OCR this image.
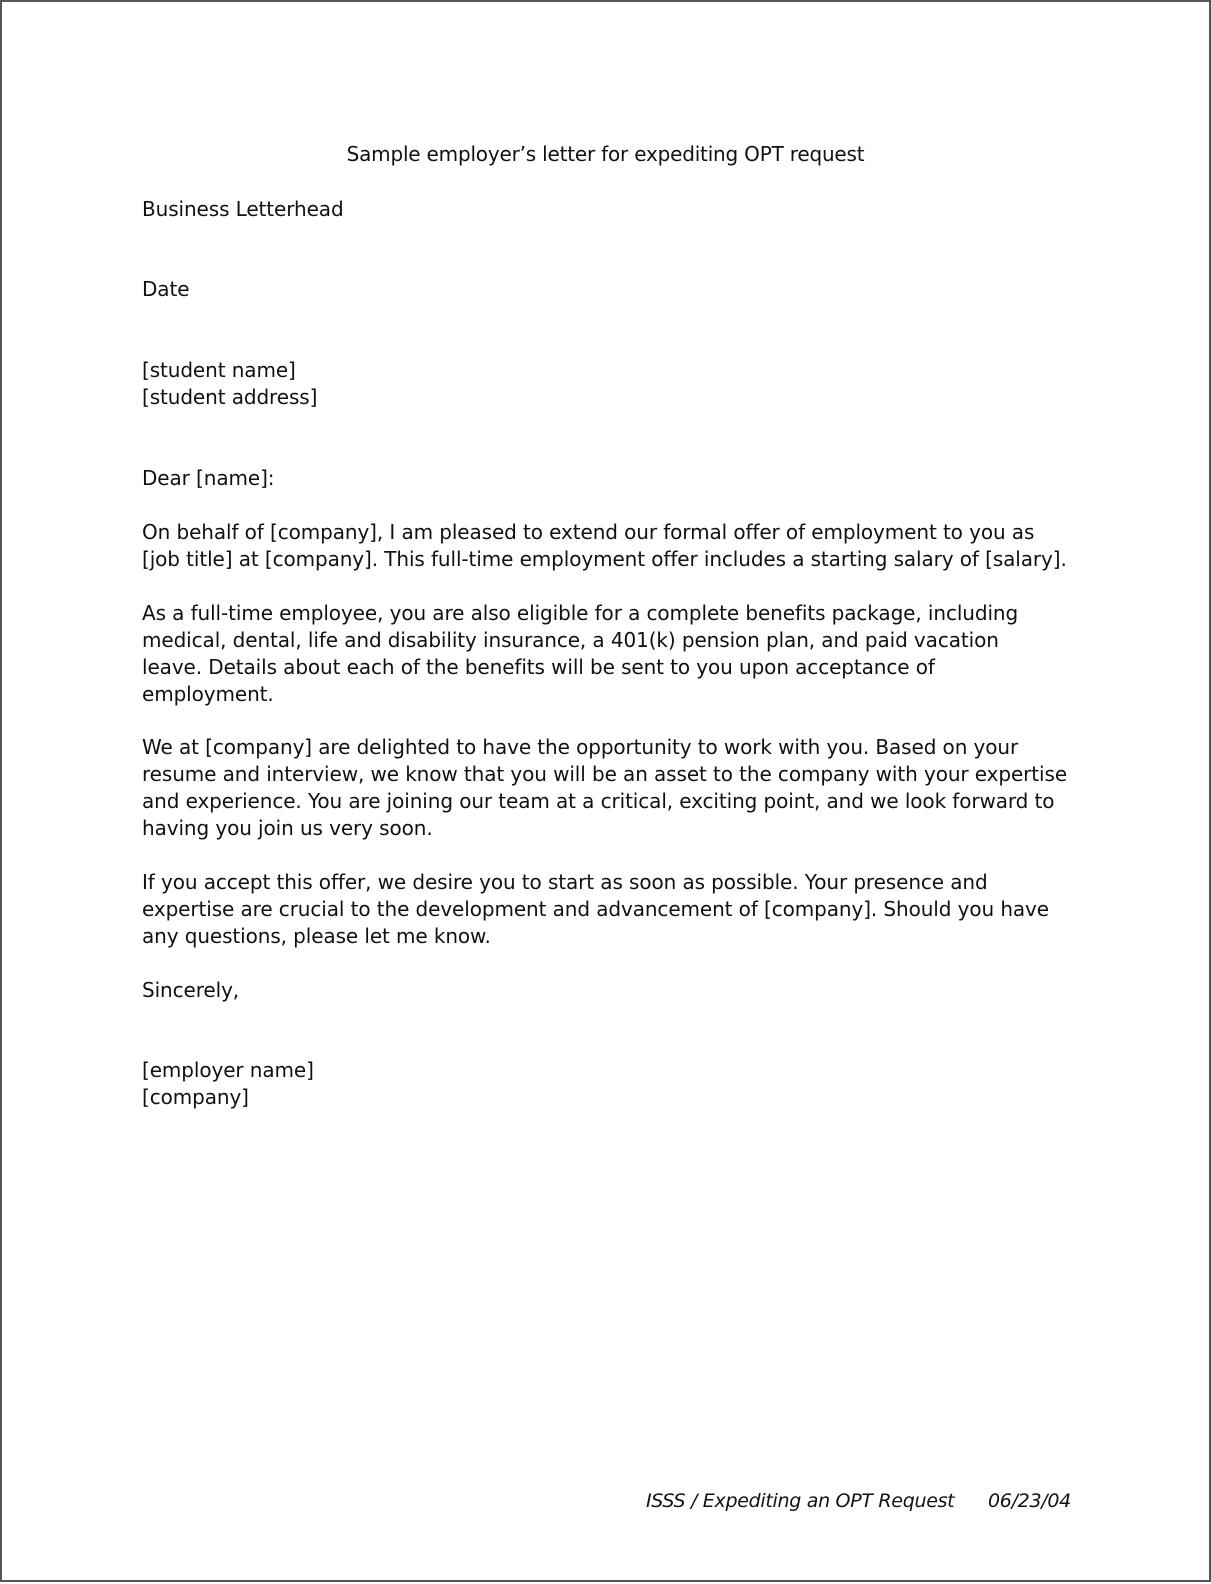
Sample employer’s letter for expediting OPT request

Business Letterhead

Date

[student name]

[student address]

Dear [name]:

On behalf of [company], I am pleased to extend our formal offer of employment to you as
[job title] at [company]. This full-time employment offer includes a starting salary of [salary].

As a full-time employee, you are also eligible for a complete benefits package, including
medical, dental, life and disability insurance, a 401(k) pension plan, and paid vacation
leave. Details about each of the benefits will be sent to you upon acceptance of
employment.

We at [company] are delighted to have the opportunity to work with you. Based on your
resume and interview, we know that you will be an asset to the company with your expertise
and experience. You are joining our team at a critical, exciting point, and we look forward to
having you join us very soon.

If you accept this offer, we desire you to start as soon as possible. Your presence and
expertise are crucial to the development and advancement of [company]. Should you have
any questions, please let me know.

Sincerely,

[employer name]

[company]

ISSS / Expediting an OPT Request 06/23/04
